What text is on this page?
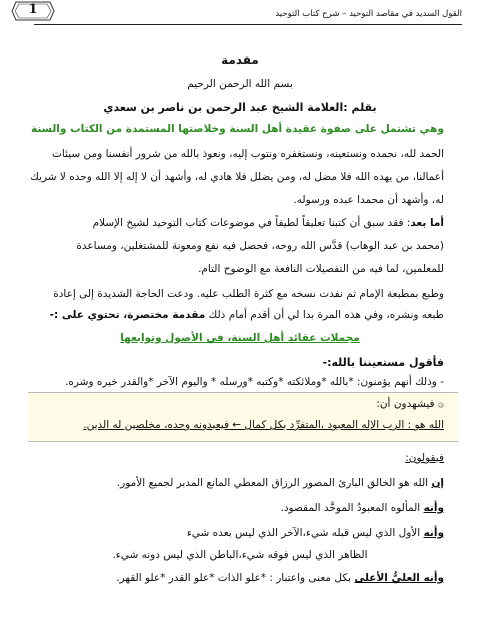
1	القول السديد في مقاصد التوحيد – شرح كتاب التوحيد
مقدمة
بسم الله الرحمن الرحيم
بقلم :العلامة الشيخ عبد الرحمن بن ناصر بن سعدي
وهي تشتمل على صفوة عقيدة أهل السنة وخلاصتها المستمدة من الكتاب والسنة
الحمد لله، نحمده ونستعينه، ونستغفره ونتوب إليه، ونعوذ بالله من شرور أنفسنا ومن سيئات
أعمالنا، من يهده الله فلا مضل له، ومن يضلل فلا هادي له، وأشهد أن لا إله إلا الله وحده لا شريك
له، وأشهد أن محمدا عبده ورسوله.
أما بعد: فقد سبق أن كتبنا تعليقاً لطيفاً في موضوعات كتاب التوحيد لشيخ الإسلام
(محمد بن عبد الوهاب) قدَّس الله روحه، فحصل فيه نفع ومعونة للمشتغلين، ومساعدة
للمعلمين، لما فيه من التفصيلات النافعة مع الوضوح التام.
وطبع بمطبعة الإمام ثم نفدت نسخه مع كثرة الطلب عليه. ودعت الحاجة الشديدة إلى إعادة
طبعه ونشره، وفي هذه المرة بدا لي أن أقدم أمام ذلك مقدمة مختصرة، تحتوي على :-
مجملات عقائد أهل السنة، في الأصول وتوابعها
فأقول مستعيننا بالله:-
- وذلك أنهم يؤمنون: *بالله *وملائكته *وكتبه *ورسله * واليوم الآخر *والقدر خيره وشره.
۞ فيشهدون أن:
الله هو : الرب الإله المعبود ،المتفرِّد بكل كمال ← فيعبدونه وحده، مخلصين له الدين.
فيقولون:
إن الله هو الخالق البارئ المصور الرزاق المعطي المانع المدبر لجميع الأمور.
وأنه المألوه المعبودُ الموحَّد المقصود.
وأنه الأول الذي ليس قبله شيء،الآخر الذي ليس بعده شيء
الظاهر الذي ليس فوقه شيء،الباطن الذي ليس دونه شيء.
وأنه العليُّ الأعلى بكل معنى واعتبار : *علو الذات *علو القدر *علو القهر.
